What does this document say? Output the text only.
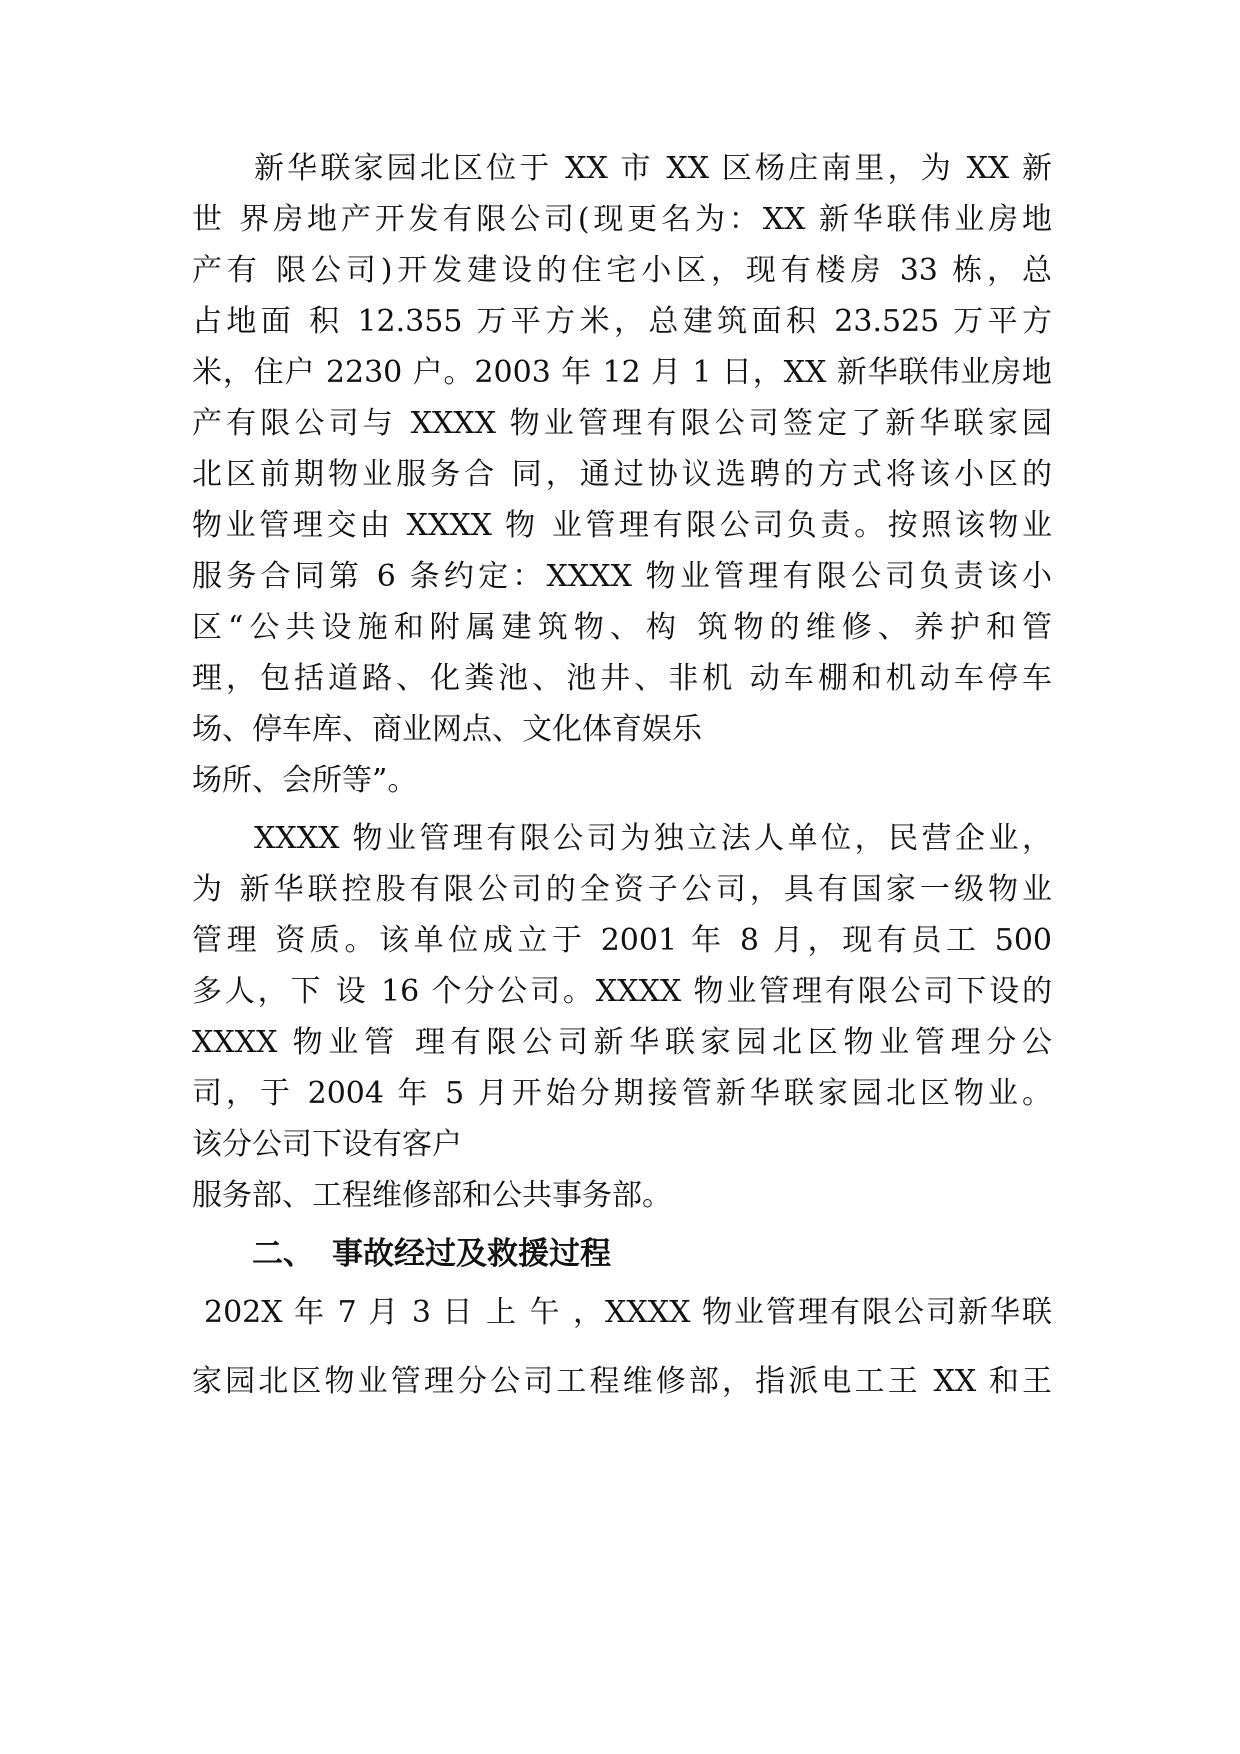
新华联家园北区位于 XX 市 XX 区杨庄南里，为 XX 新
世 界房地产开发有限公司(现更名为：XX 新华联伟业房地
产有 限公司)开发建设的住宅小区，现有楼房 33 栋，总
占地面 积 12.355 万平方米，总建筑面积 23.525 万平方
米，住户 2230 户。2003 年 12 月 1 日，XX 新华联伟业房地
产有限公司与 XXXX 物业管理有限公司签定了新华联家园
北区前期物业服务合 同，通过协议选聘的方式将该小区的
物业管理交由 XXXX 物 业管理有限公司负责。按照该物业
服务合同第 6 条约定：XXXX 物业管理有限公司负责该小
区“公共设施和附属建筑物、构 筑物的维修、养护和管
理，包括道路、化粪池、池井、非机 动车棚和机动车停车
场、停车库、商业网点、文化体育娱乐
场所、会所等”。
XXXX 物业管理有限公司为独立法人单位，民营企业，
为 新华联控股有限公司的全资子公司，具有国家一级物业
管理 资质。该单位成立于 2001 年 8 月，现有员工 500
多人，下 设 16 个分公司。XXXX 物业管理有限公司下设的
XXXX 物业管 理有限公司新华联家园北区物业管理分公
司，于 2004 年 5 月开始分期接管新华联家园北区物业。
该分公司下设有客户
服务部、工程维修部和公共事务部。
二、 事故经过及救援过程
202X 年 7 月 3 日 上 午 ，XXXX 物业管理有限公司新华联
家园北区物业管理分公司工程维修部，指派电工王 XX 和王
